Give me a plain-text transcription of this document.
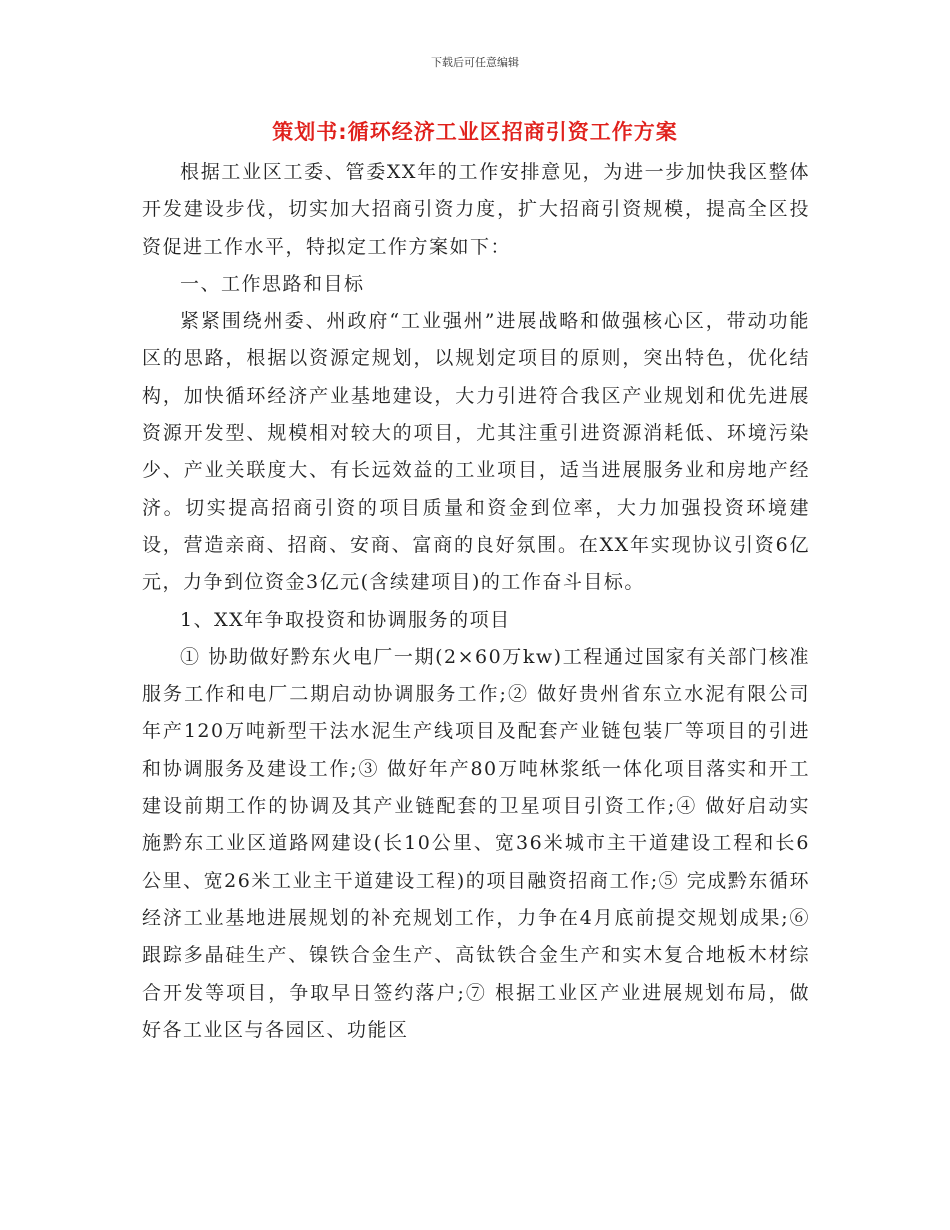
下载后可任意编辑
策划书:循环经济工业区招商引资工作方案

根据工业区工委、管委XX年的工作安排意见，为进一步加快我区整体开发建设步伐，切实加大招商引资力度，扩大招商引资规模，提高全区投资促进工作水平，特拟定工作方案如下：

一、工作思路和目标

紧紧围绕州委、州政府“工业强州”进展战略和做强核心区，带动功能区的思路，根据以资源定规划，以规划定项目的原则，突出特色，优化结构，加快循环经济产业基地建设，大力引进符合我区产业规划和优先进展资源开发型、规模相对较大的项目，尤其注重引进资源消耗低、环境污染少、产业关联度大、有长远效益的工业项目，适当进展服务业和房地产经济。切实提高招商引资的项目质量和资金到位率，大力加强投资环境建设，营造亲商、招商、安商、富商的良好氛围。在XX年实现协议引资6亿元，力争到位资金3亿元(含续建项目)的工作奋斗目标。

1、XX年争取投资和协调服务的项目

① 协助做好黔东火电厂一期(2×60万kw)工程通过国家有关部门核准服务工作和电厂二期启动协调服务工作;② 做好贵州省东立水泥有限公司年产120万吨新型干法水泥生产线项目及配套产业链包装厂等项目的引进和协调服务及建设工作;③ 做好年产80万吨林浆纸一体化项目落实和开工建设前期工作的协调及其产业链配套的卫星项目引资工作;④ 做好启动实施黔东工业区道路网建设(长10公里、宽36米城市主干道建设工程和长6公里、宽26米工业主干道建设工程)的项目融资招商工作;⑤ 完成黔东循环经济工业基地进展规划的补充规划工作，力争在4月底前提交规划成果;⑥ 跟踪多晶硅生产、镍铁合金生产、高钛铁合金生产和实木复合地板木材综合开发等项目，争取早日签约落户;⑦ 根据工业区产业进展规划布局，做好各工业区与各园区、功能区
